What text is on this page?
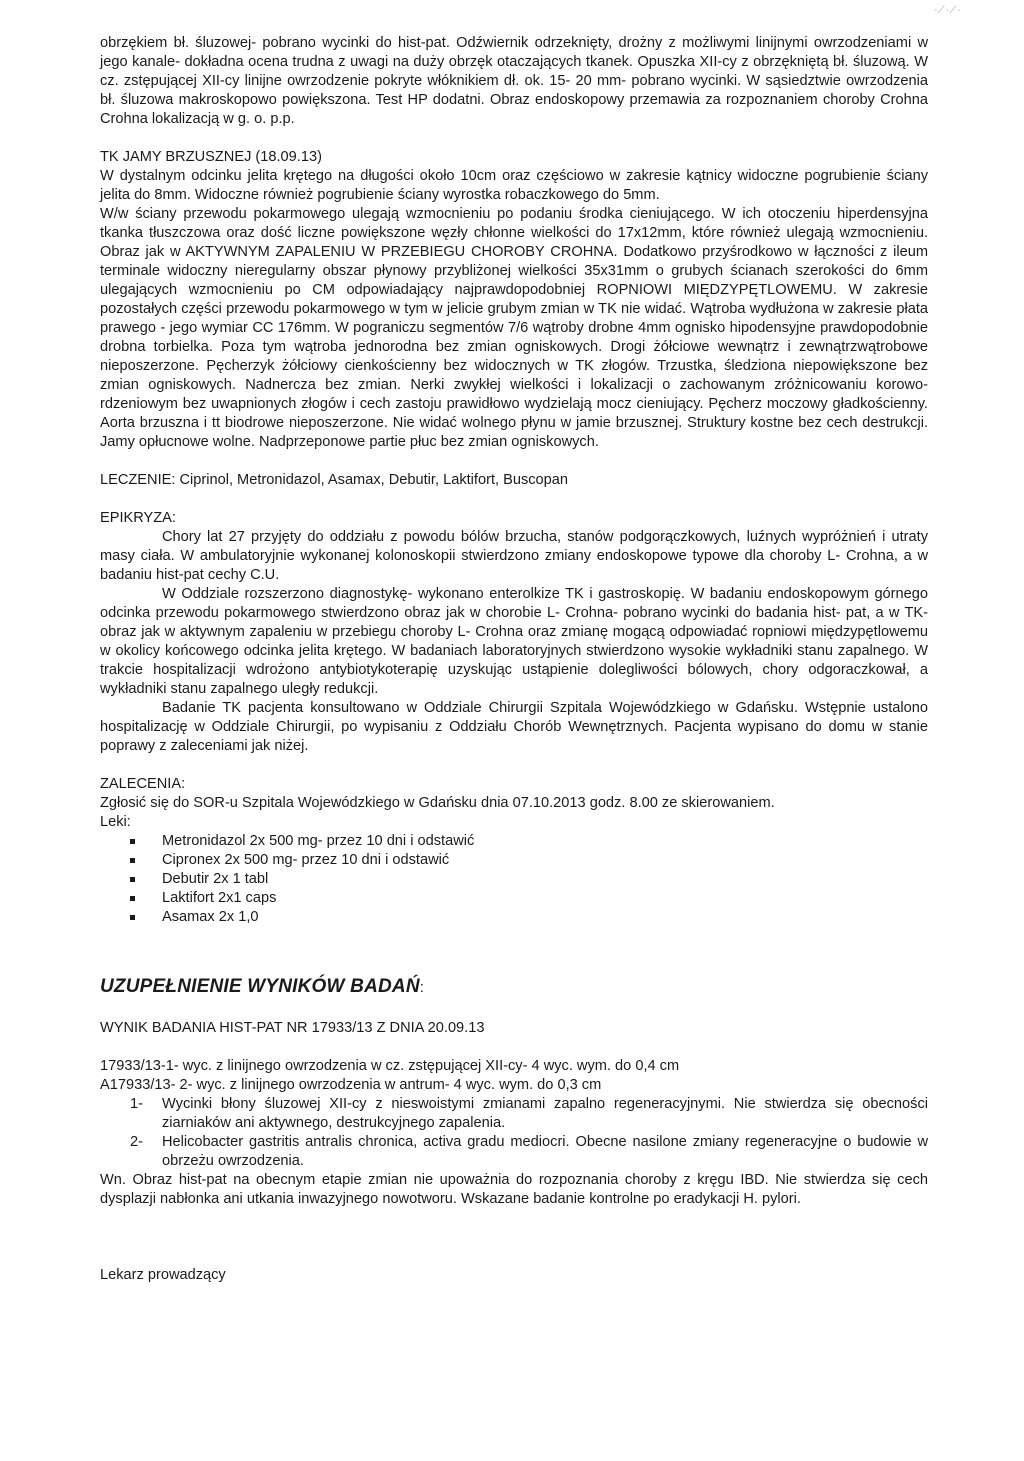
· ∕ · ⁄ ·

obrzękiem bł. śluzowej- pobrano wycinki do hist-pat. Odźwiernik odrzeknięty, drożny z możliwymi linijnymi owrzodzeniami w jego kanale- dokładna ocena trudna z uwagi na duży obrzęk otaczających tkanek. Opuszka XII-cy z obrzękniętą bł. śluzową. W cz. zstępującej XII-cy linijne owrzodzenie pokryte włóknikiem dł. ok. 15- 20 mm- pobrano wycinki. W sąsiedztwie owrzodzenia bł. śluzowa makroskopowo powiększona. Test HP dodatni. Obraz endoskopowy przemawia za rozpoznaniem choroby Crohna Crohna lokalizacją w g. o. p.p.

TK JAMY BRZUSZNEJ (18.09.13)

W dystalnym odcinku jelita krętego na długości około 10cm oraz częściowo w zakresie kątnicy widoczne pogrubienie ściany jelita do 8mm. Widoczne również pogrubienie ściany wyrostka robaczkowego do 5mm.

W/w ściany przewodu pokarmowego ulegają wzmocnieniu po podaniu środka cieniującego. W ich otoczeniu hiperdensyjna tkanka tłuszczowa oraz dość liczne powiększone węzły chłonne wielkości do 17x12mm, które również ulegają wzmocnieniu. Obraz jak w AKTYWNYM ZAPALENIU W PRZEBIEGU CHOROBY CROHNA. Dodatkowo przyśrodkowo w łączności z ileum terminale widoczny nieregularny obszar płynowy przybliżonej wielkości 35x31mm o grubych ścianach szerokości do 6mm ulegających wzmocnieniu po CM odpowiadający najprawdopodobniej ROPNIOWI MIĘDZYPĘTLOWEMU. W zakresie pozostałych części przewodu pokarmowego w tym w jelicie grubym zmian w TK nie widać. Wątroba wydłużona w zakresie płata prawego - jego wymiar CC 176mm. W pograniczu segmentów 7/6 wątroby drobne 4mm ognisko hipodensyjne prawdopodobnie drobna torbielka. Poza tym wątroba jednorodna bez zmian ogniskowych. Drogi żółciowe wewnątrz i zewnątrzwątrobowe nieposzerzone. Pęcherzyk żółciowy cienkościenny bez widocznych w TK złogów. Trzustka, śledziona niepowiększone bez zmian ogniskowych. Nadnercza bez zmian. Nerki zwykłej wielkości i lokalizacji o zachowanym zróżnicowaniu korowo-rdzeniowym bez uwapnionych złogów i cech zastoju prawidłowo wydzielają mocz cieniujący. Pęcherz moczowy gładkościenny. Aorta brzuszna i tt biodrowe nieposzerzone. Nie widać wolnego płynu w jamie brzusznej. Struktury kostne bez cech destrukcji. Jamy opłucnowe wolne. Nadprzeponowe partie płuc bez zmian ogniskowych.

LECZENIE: Ciprinol, Metronidazol, Asamax, Debutir, Laktifort, Buscopan

EPIKRYZA:

Chory lat 27 przyjęty do oddziału z powodu bólów brzucha, stanów podgorączkowych, luźnych wypróżnień i utraty masy ciała. W ambulatoryjnie wykonanej kolonoskopii stwierdzono zmiany endoskopowe typowe dla choroby L- Crohna, a w badaniu hist-pat cechy C.U.

W Oddziale rozszerzono diagnostykę- wykonano enterolkize TK i gastroskopię. W badaniu endoskopowym górnego odcinka przewodu pokarmowego stwierdzono obraz jak w chorobie L- Crohna- pobrano wycinki do badania hist- pat, a w TK- obraz jak w aktywnym zapaleniu w przebiegu choroby L- Crohna oraz zmianę mogącą odpowiadać ropniowi międzypętlowemu w okolicy końcowego odcinka jelita krętego. W badaniach laboratoryjnych stwierdzono wysokie wykładniki stanu zapalnego. W trakcie hospitalizacji wdrożono antybiotykoterapię uzyskując ustąpienie dolegliwości bólowych, chory odgoraczkował, a wykładniki stanu zapalnego uległy redukcji.

Badanie TK pacjenta konsultowano w Oddziale Chirurgii Szpitala Wojewódzkiego w Gdańsku. Wstępnie ustalono hospitalizację w Oddziale Chirurgii, po wypisaniu z Oddziału Chorób Wewnętrznych. Pacjenta wypisano do domu w stanie poprawy z zaleceniami jak niżej.

ZALECENIA:

Zgłosić się do SOR-u Szpitala Wojewódzkiego w Gdańsku dnia 07.10.2013 godz. 8.00 ze skierowaniem.

Leki:

Metronidazol 2x 500 mg- przez 10 dni i odstawić
Cipronex 2x 500 mg- przez 10 dni i odstawić
Debutir 2x 1 tabl
Laktifort 2x1 caps
Asamax 2x 1,0

UZUPEŁNIENIE WYNIKÓW BADAŃ:

WYNIK BADANIA HIST-PAT NR 17933/13 Z DNIA 20.09.13

17933/13-1- wyc. z linijnego owrzodzenia w cz. zstępującej XII-cy- 4 wyc. wym. do 0,4 cm

A17933/13- 2- wyc. z linijnego owrzodzenia w antrum- 4 wyc. wym. do 0,3 cm

1- Wycinki błony śluzowej XII-cy z nieswoistymi zmianami zapalno regeneracyjnymi. Nie stwierdza się obecności ziarniaków ani aktywnego, destrukcyjnego zapalenia.
2- Helicobacter gastritis antralis chronica, activa gradu mediocri. Obecne nasilone zmiany regeneracyjne o budowie w obrzeżu owrzodzenia.

Wn. Obraz hist-pat na obecnym etapie zmian nie upoważnia do rozpoznania choroby z kręgu IBD. Nie stwierdza się cech dysplazji nabłonka ani utkania inwazyjnego nowotworu. Wskazane badanie kontrolne po eradykacji H. pylori.

Lekarz prowadzący
